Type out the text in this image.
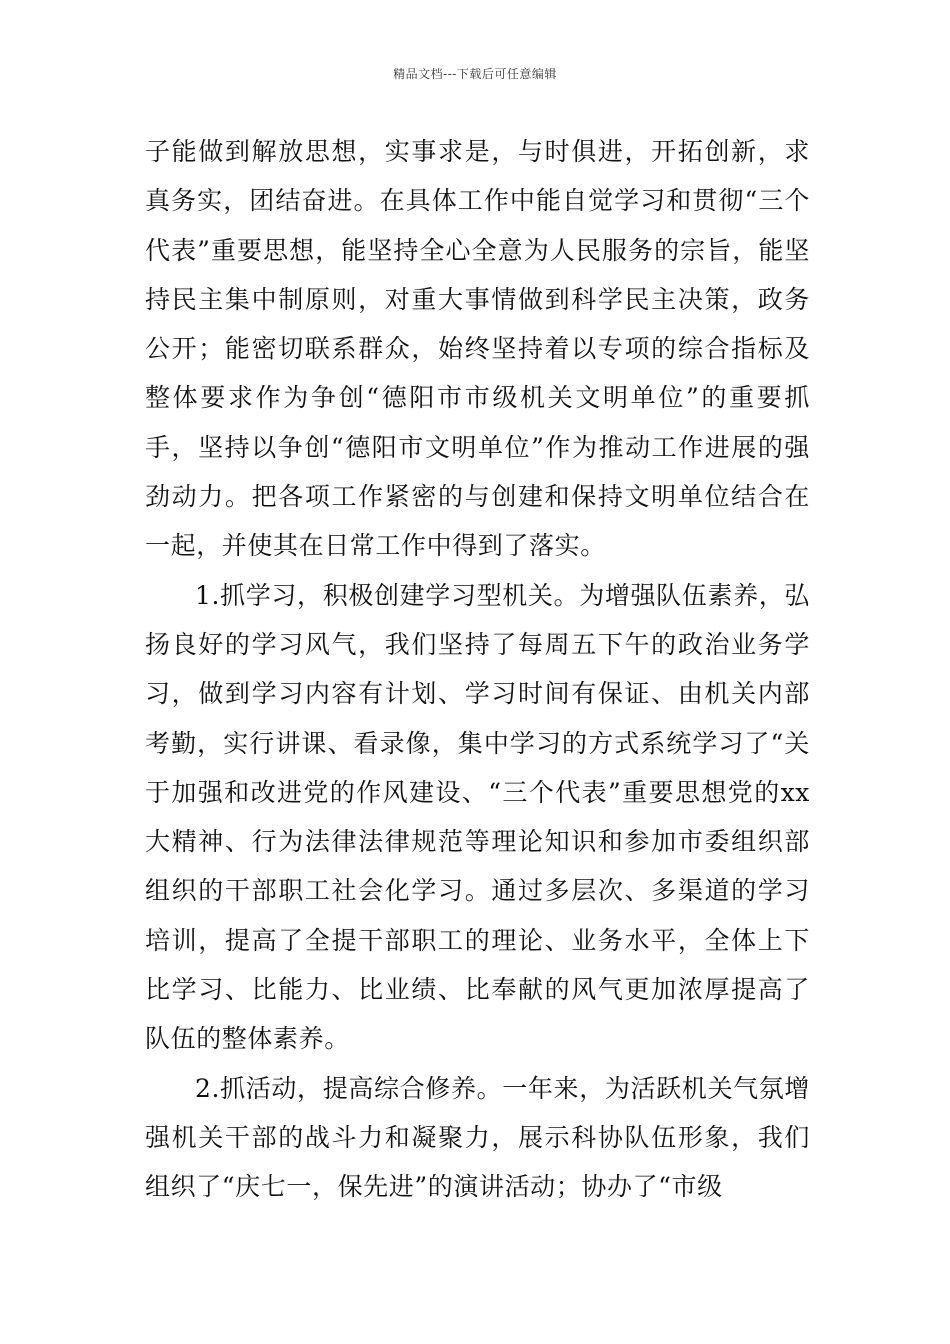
精品文档---下载后可任意编辑

子能做到解放思想，实事求是，与时俱进，开拓创新，求真务实，团结奋进。在具体工作中能自觉学习和贯彻“三个代表”重要思想，能坚持全心全意为人民服务的宗旨，能坚持民主集中制原则，对重大事情做到科学民主决策，政务公开；能密切联系群众，始终坚持着以专项的综合指标及整体要求作为争创“德阳市市级机关文明单位”的重要抓手，坚持以争创“德阳市文明单位”作为推动工作进展的强劲动力。把各项工作紧密的与创建和保持文明单位结合在一起，并使其在日常工作中得到了落实。

1.抓学习，积极创建学习型机关。为增强队伍素养，弘扬良好的学习风气，我们坚持了每周五下午的政治业务学习，做到学习内容有计划、学习时间有保证、由机关内部考勤，实行讲课、看录像，集中学习的方式系统学习了“关于加强和改进党的作风建设、“三个代表”重要思想党的xx大精神、行为法律法律规范等理论知识和参加市委组织部组织的干部职工社会化学习。通过多层次、多渠道的学习培训，提高了全提干部职工的理论、业务水平，全体上下比学习、比能力、比业绩、比奉献的风气更加浓厚提高了队伍的整体素养。

2.抓活动，提高综合修养。一年来，为活跃机关气氛增强机关干部的战斗力和凝聚力，展示科协队伍形象，我们组织了“庆七一，保先进”的演讲活动；协办了“市级
